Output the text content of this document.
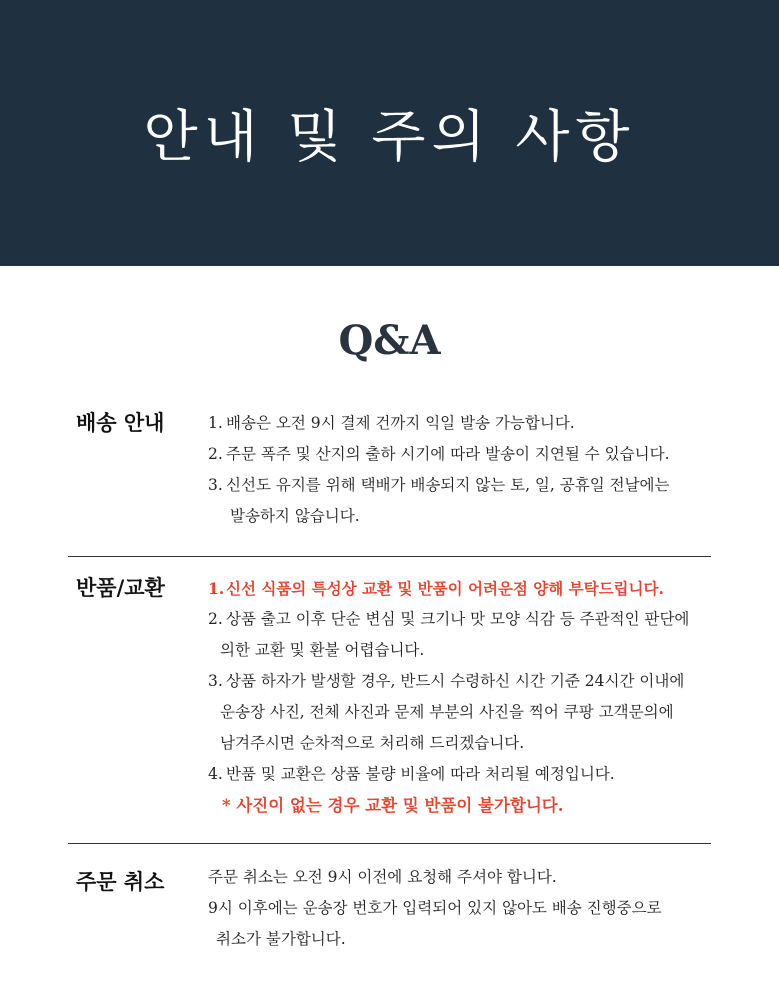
안내 및 주의 사항
Q&A
배송 안내	1. 배송은 오전 9시 결제 건까지 익일 발송 가능합니다.
2. 주문 폭주 및 산지의 출하 시기에 따라 발송이 지연될 수 있습니다.
3. 신선도 유지를 위해 택배가 배송되지 않는 토, 일, 공휴일 전날에는
발송하지 않습니다.
반품/교환	1. 신선 식품의 특성상 교환 및 반품이 어려운점 양해 부탁드립니다.
2. 상품 출고 이후 단순 변심 및 크기나 맛 모양 식감 등 주관적인 판단에
의한 교환 및 환불 어렵습니다.
3. 상품 하자가 발생할 경우, 반드시 수령하신 시간 기준 24시간 이내에
운송장 사진, 전체 사진과 문제 부분의 사진을 찍어 쿠팡 고객문의에
남겨주시면 순차적으로 처리해 드리겠습니다.
4. 반품 및 교환은 상품 불량 비율에 따라 처리될 예정입니다.
* 사진이 없는 경우 교환 및 반품이 불가합니다.
주문 취소	주문 취소는 오전 9시 이전에 요청해 주셔야 합니다.
9시 이후에는 운송장 번호가 입력되어 있지 않아도 배송 진행중으로
취소가 불가합니다.
